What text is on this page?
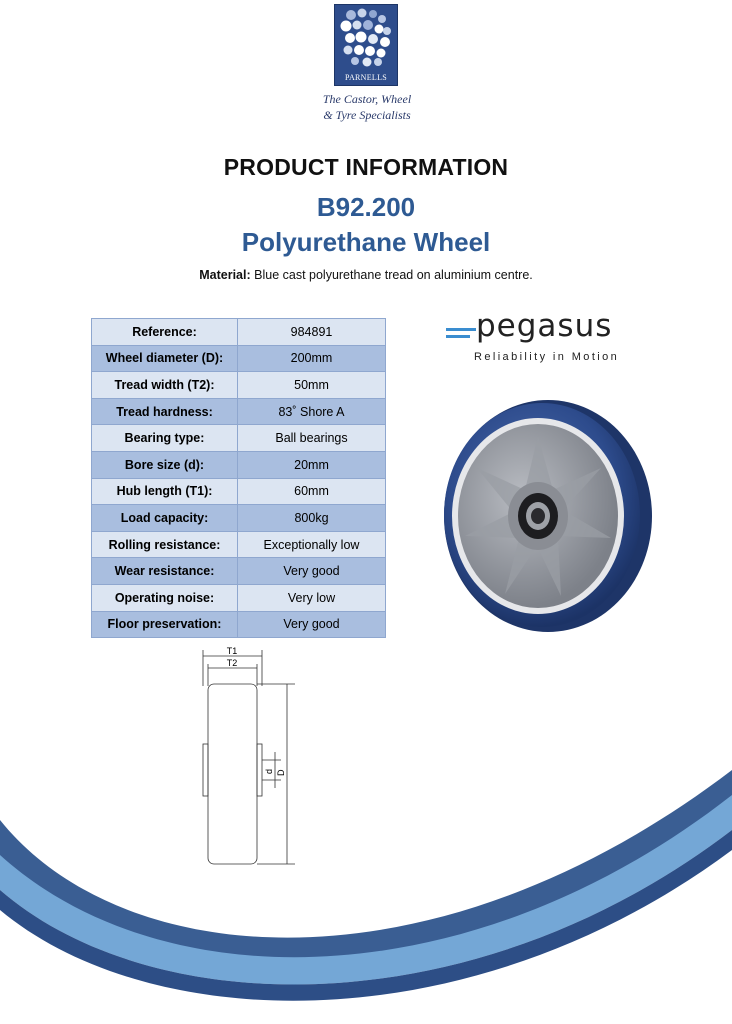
PARNELLS
The Castor, Wheel
& Tyre Specialists
PRODUCT INFORMATION
B92.200
Polyurethane Wheel
Material: Blue cast polyurethane tread on aluminium centre.
Reference:	984891
Wheel diameter (D):	200mm
Tread width (T2):	50mm
Tread hardness:	83˚ Shore A
Bearing type:	Ball bearings
Bore size (d):	20mm
Hub length (T1):	60mm
Load capacity:	800kg
Rolling resistance:	Exceptionally low
Wear resistance:	Very good
Operating noise:	Very low
Floor preservation:	Very good
pegasus
Reliability in Motion
T1
T2
d D
